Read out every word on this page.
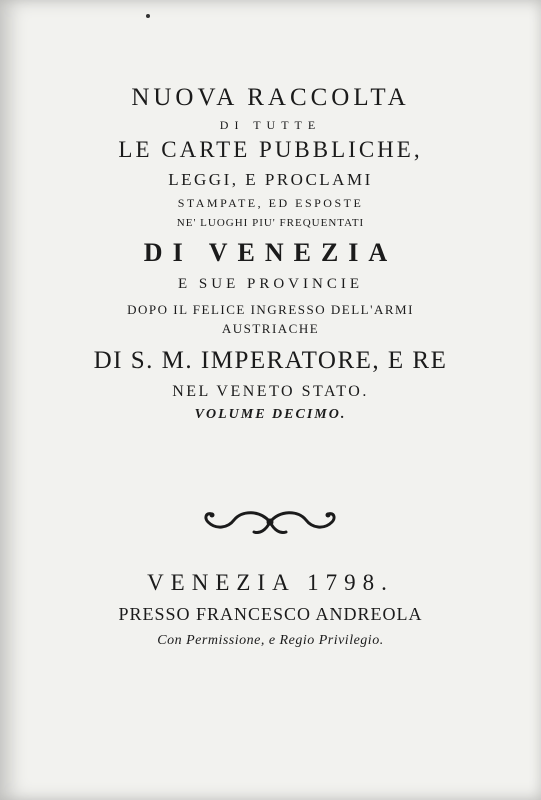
NUOVA RACCOLTA
DI TUTTE
LE CARTE PUBBLICHE,
LEGGI, E PROCLAMI
STAMPATE, ED ESPOSTE
NE' LUOGHI PIU' FREQUENTATI
DI VENEZIA
E SUE PROVINCIE
DOPO IL FELICE INGRESSO DELL'ARMI
AUSTRIACHE
DI S. M. IMPERATORE, E RE
NEL VENETO STATO.
VOLUME DECIMO.
VENEZIA 1798.
PRESSO FRANCESCO ANDREOLA
Con Permissione, e Regio Privilegio.
